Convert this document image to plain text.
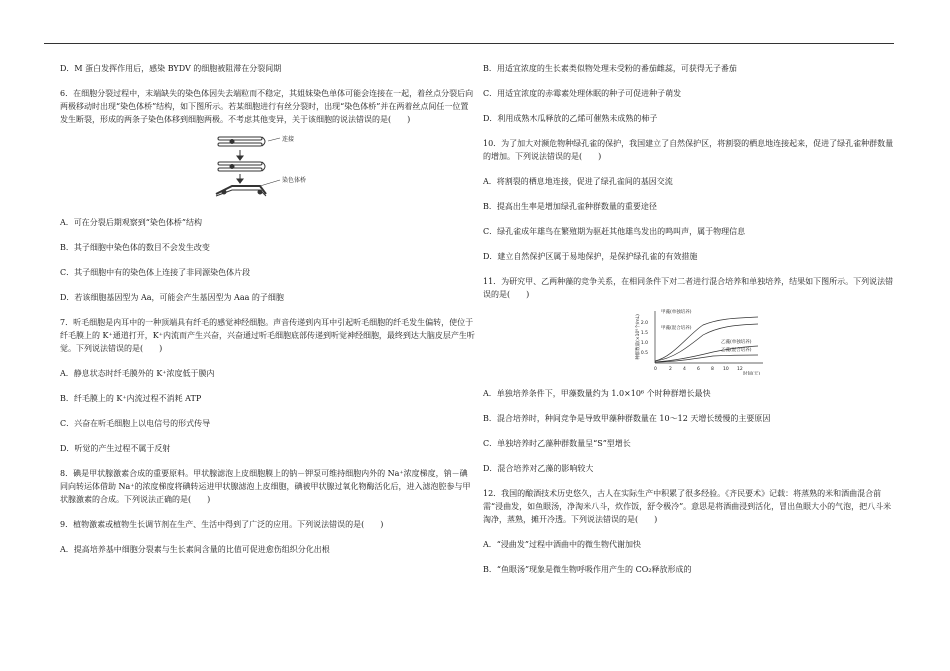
D．M 蛋白发挥作用后，感染 BYDV 的细胞被阻滞在分裂间期

6．在细胞分裂过程中，末端缺失的染色体因失去端粒而不稳定，其姐妹染色单体可能会连接在一起，着丝点分裂后向两极移动时出现“染色体桥”结构，如下图所示。若某细胞进行有丝分裂时，出现“染色体桥”并在两着丝点间任一位置发生断裂，形成的两条子染色体移到细胞两极。不考虑其他变异，关于该细胞的说法错误的是(　　)

连接
染色体桥

A．可在分裂后期观察到“染色体桥”结构

B．其子细胞中染色体的数目不会发生改变

C．其子细胞中有的染色体上连接了非同源染色体片段

D．若该细胞基因型为 Aa，可能会产生基因型为 Aaa 的子细胞

7．听毛细胞是内耳中的一种顶端具有纤毛的感觉神经细胞。声音传递到内耳中引起听毛细胞的纤毛发生偏转，使位于纤毛膜上的 K⁺通道打开，K⁺内流而产生兴奋，兴奋通过听毛细胞底部传递到听觉神经细胞，最终到达大脑皮层产生听觉。下列说法错误的是(　　)

A．静息状态时纤毛膜外的 K⁺浓度低于膜内

B．纤毛膜上的 K⁺内流过程不消耗 ATP

C．兴奋在听毛细胞上以电信号的形式传导

D．听觉的产生过程不属于反射

8．碘是甲状腺激素合成的重要原料。甲状腺滤泡上皮细胞膜上的钠－钾泵可维持细胞内外的 Na⁺浓度梯度，钠－碘同向转运体借助 Na⁺的浓度梯度将碘转运进甲状腺滤泡上皮细胞，碘被甲状腺过氧化物酶活化后，进入滤泡腔参与甲状腺激素的合成。下列说法正确的是(　　)

9．植物激素或植物生长调节剂在生产、生活中得到了广泛的应用。下列说法错误的是(　　)

A．提高培养基中细胞分裂素与生长素间含量的比值可促进愈伤组织分化出根

B．用适宜浓度的生长素类似物处理未受粉的番茄雌蕊，可获得无子番茄

C．用适宜浓度的赤霉素处理休眠的种子可促进种子萌发

D．利用成熟木瓜释放的乙烯可催熟未成熟的柿子

10．为了加大对濒危物种绿孔雀的保护，我国建立了自然保护区，将割裂的栖息地连接起来，促进了绿孔雀种群数量的增加。下列说法错误的是(　　)

A．将割裂的栖息地连接，促进了绿孔雀间的基因交流

B．提高出生率是增加绿孔雀种群数量的重要途径

C．绿孔雀成年雄鸟在繁殖期为驱赶其他雄鸟发出的鸣叫声，属于物理信息

D．建立自然保护区属于易地保护，是保护绿孔雀的有效措施

11．为研究甲、乙两种藻的竞争关系，在相同条件下对二者进行混合培养和单独培养，结果如下图所示。下列说法错误的是(　　)

种群数量(×10⁶个/mL) 0.5
1.0
1.5
2.0
0	2 4 6 8 10 12
时间(天)
甲藻(单独培养)
甲藻(混合培养)
乙藻(单独培养)
乙藻(混合培养)

A．单独培养条件下，甲藻数量约为 1.0×10⁶ 个时种群增长最快

B．混合培养时，种间竞争是导致甲藻种群数量在 10～12 天增长缓慢的主要原因

C．单独培养时乙藻种群数量呈“S”型增长

D．混合培养对乙藻的影响较大

12．我国的酿酒技术历史悠久，古人在实际生产中积累了很多经验。《齐民要术》记载：将蒸熟的米和酒曲混合前需“浸曲发，如鱼眼汤，净淘米八斗，炊作饭，舒令极冷”。意思是将酒曲浸到活化，冒出鱼眼大小的气泡，把八斗米淘净，蒸熟，摊开冷透。下列说法错误的是(　　)

A．“浸曲发”过程中酒曲中的微生物代谢加快

B．“鱼眼汤”现象是微生物呼吸作用产生的 CO₂释放形成的
